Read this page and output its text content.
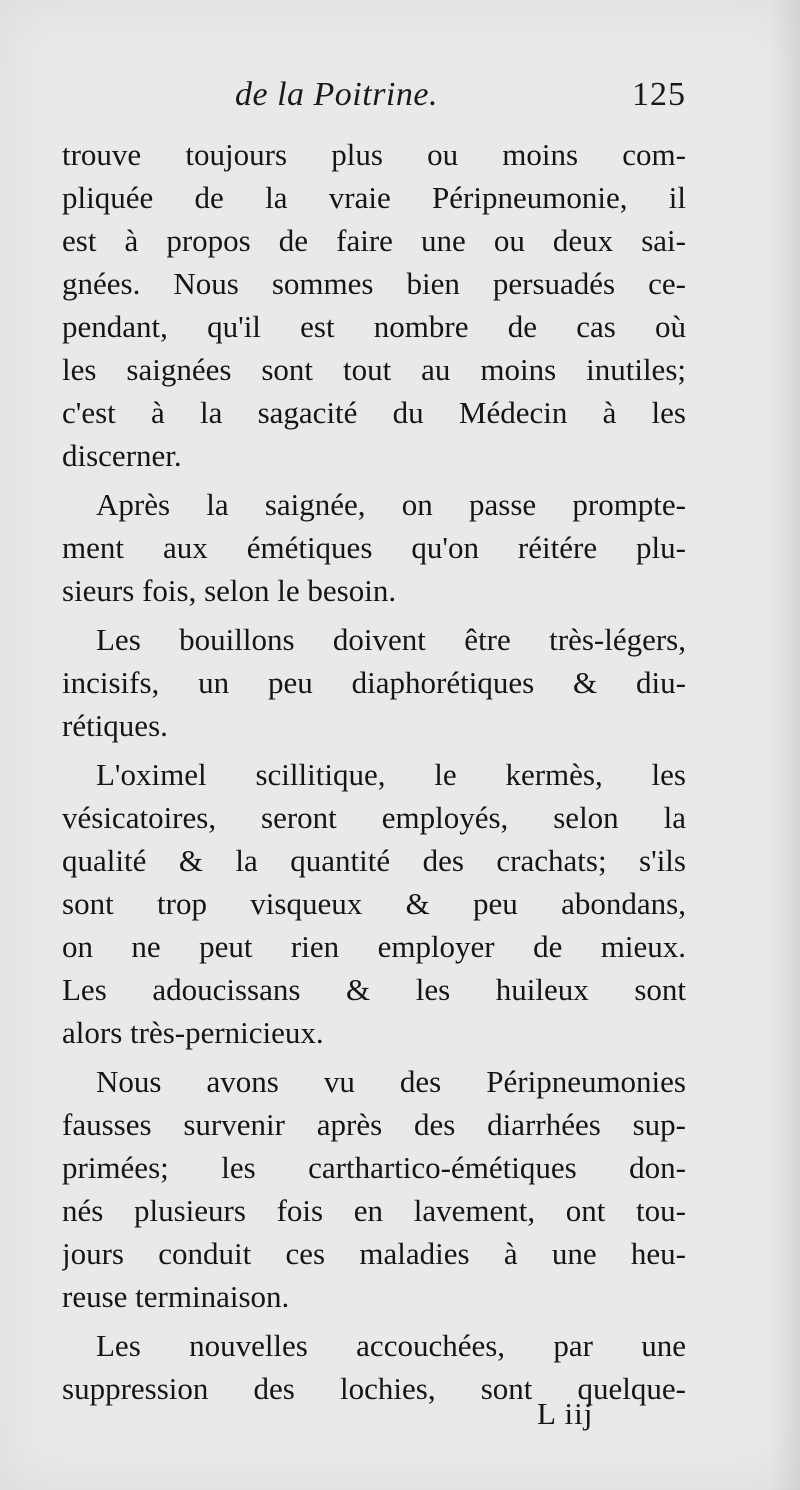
de la Poitrine.	125
trouve toujours plus ou moins com-
pliquée de la vraie Péripneumonie, il
est à propos de faire une ou deux sai-
gnées. Nous sommes bien persuadés ce-
pendant, qu'il est nombre de cas où
les saignées sont tout au moins inutiles;
c'est à la sagacité du Médecin à les
discerner.
Après la saignée, on passe prompte-
ment aux émétiques qu'on réitére plu-
sieurs fois, selon le besoin.
Les bouillons doivent être très-légers,
incisifs, un peu diaphorétiques & diu-
rétiques.
L'oximel scillitique, le kermès, les
vésicatoires, seront employés, selon la
qualité & la quantité des crachats; s'ils
sont trop visqueux & peu abondans,
on ne peut rien employer de mieux.
Les adoucissans & les huileux sont
alors très-pernicieux.
Nous avons vu des Péripneumonies
fausses survenir après des diarrhées sup-
primées; les carthartico-émétiques don-
nés plusieurs fois en lavement, ont tou-
jours conduit ces maladies à une heu-
reuse terminaison.
Les nouvelles accouchées, par une
suppression des lochies, sont quelque-
L iij
